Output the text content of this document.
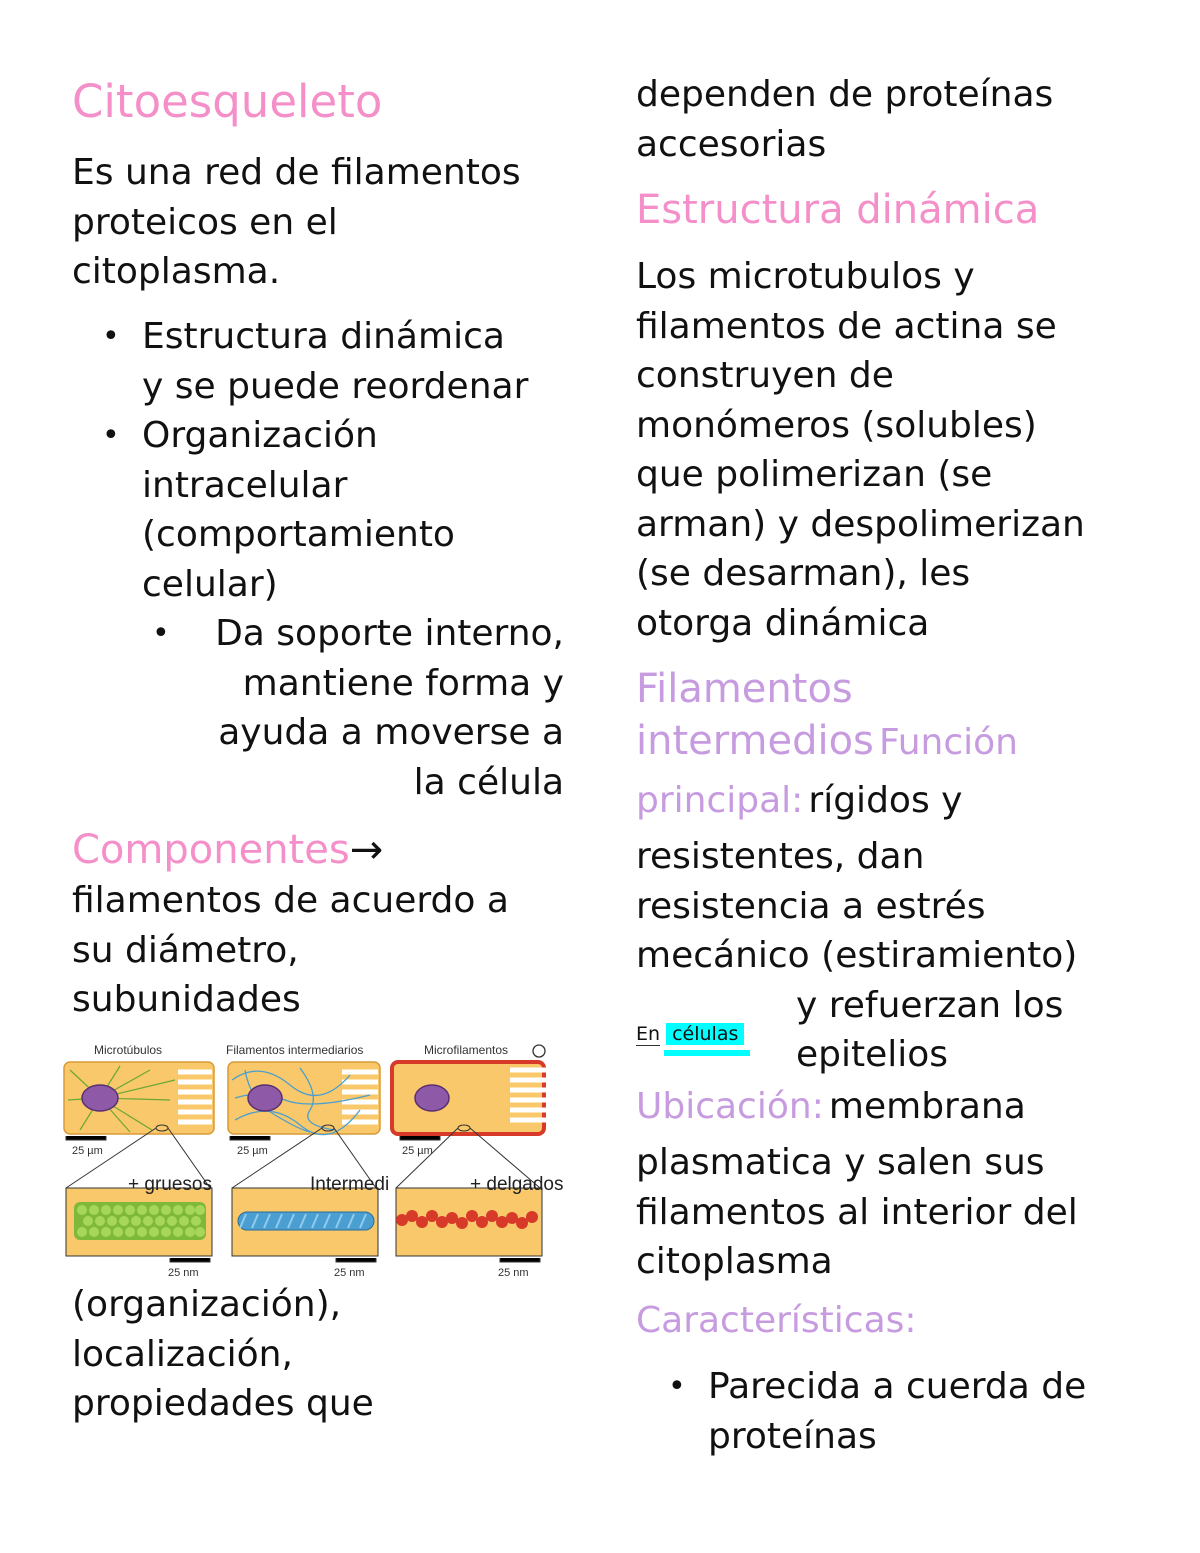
Citoesqueleto

Es una red de filamentos

proteicos en el

citoplasma.

• Estructura dinámica
y se puede reordenar
• Organización
intracelular
(comportamiento
celular)
• Da soporte interno,
mantiene forma y
ayuda a moverse a
la célula
Componentes→

filamentos de acuerdo a

su diámetro,

subunidades

(organización),

localización,

propiedades que

Microtúbulos	Filamentos intermediarios	Microfilamentos
25 µm	25 µm	25 µm
25 nm	25 nm	25 nm
+ gruesos	Intermedi	+ delgados

dependen de proteínas

accesorias

Estructura dinámica

Los microtubulos y

filamentos de actina se

construyen de

monómeros (solubles)

que polimerizan (se

arman) y despolimerizan

(se desarman), les

otorga dinámica

Filamentos
intermedios Función
principal: rígidos y

resistentes, dan

resistencia a estrés

mecánico (estiramiento)

y refuerzan los

epitelios

En células
Ubicación: membrana

plasmatica y salen sus

filamentos al interior del

citoplasma

Características:
• Parecida a cuerda de
proteínas
